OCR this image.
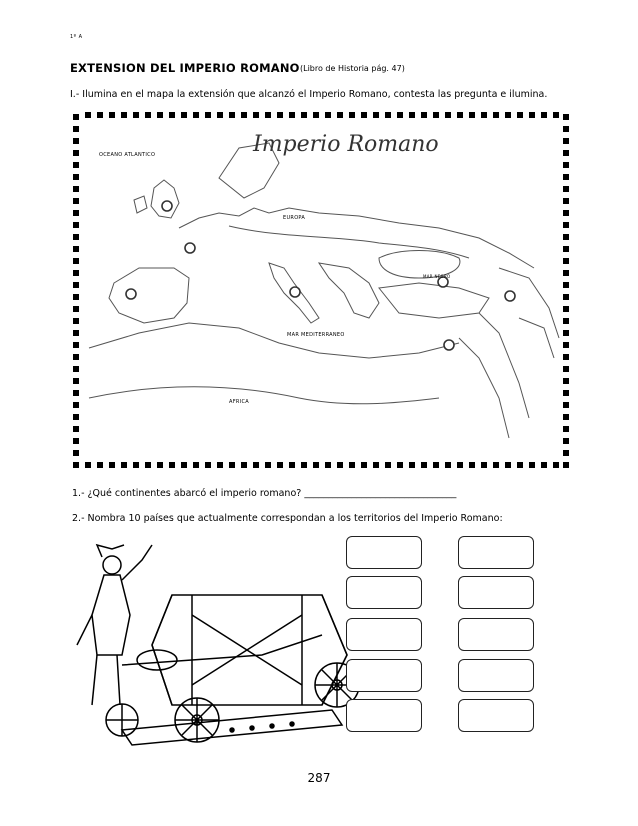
1º A
EXTENSION DEL IMPERIO ROMANO (Libro de Historia pág. 47)
I.- Ilumina en el mapa la extensión que alcanzó el Imperio Romano, contesta las pregunta e ilumina.
Imperio Romano
OCEANO ATLANTICO
EUROPA
MAR NEGRO
MAR MEDITERRANEO
AFRICA
1.- ¿Qué continentes abarcó el imperio romano? ________________________________
2.- Nombra 10 países que actualmente correspondan a los territorios del Imperio Romano:
287
